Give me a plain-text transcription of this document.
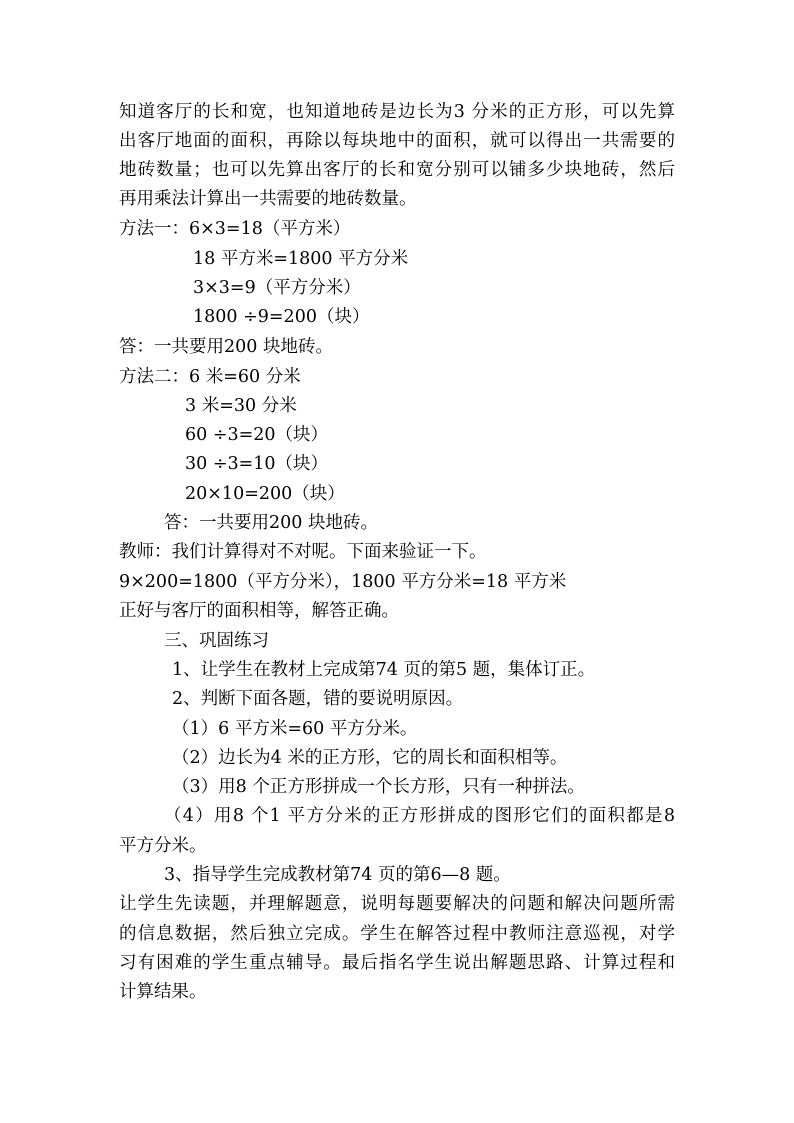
知道客厅的长和宽，也知道地砖是边长为3 分米的正方形，可以先算
出客厅地面的面积，再除以每块地中的面积，就可以得出一共需要的
地砖数量；也可以先算出客厅的长和宽分别可以铺多少块地砖，然后
再用乘法计算出一共需要的地砖数量。
方法一：6×3=18（平方米）
18 平方米=1800 平方分米
3×3=9（平方分米）
1800 ÷9=200（块）
答：一共要用200 块地砖。
方法二：6 米=60 分米
3 米=30 分米
60 ÷3=20（块）
30 ÷3=10（块）
20×10=200（块）
答：一共要用200 块地砖。
教师：我们计算得对不对呢。下面来验证一下。
9×200=1800（平方分米），1800 平方分米=18 平方米
正好与客厅的面积相等，解答正确。
三、巩固练习
1、让学生在教材上完成第74 页的第5 题，集体订正。
2、判断下面各题，错的要说明原因。
（1）6 平方米=60 平方分米。
（2）边长为4 米的正方形，它的周长和面积相等。
（3）用8 个正方形拼成一个长方形，只有一种拼法。
（4）用8 个1 平方分米的正方形拼成的图形它们的面积都是8
平方分米。
3、指导学生完成教材第74 页的第6—8 题。
让学生先读题，并理解题意，说明每题要解决的问题和解决问题所需
的信息数据，然后独立完成。学生在解答过程中教师注意巡视，对学
习有困难的学生重点辅导。最后指名学生说出解题思路、计算过程和
计算结果。
